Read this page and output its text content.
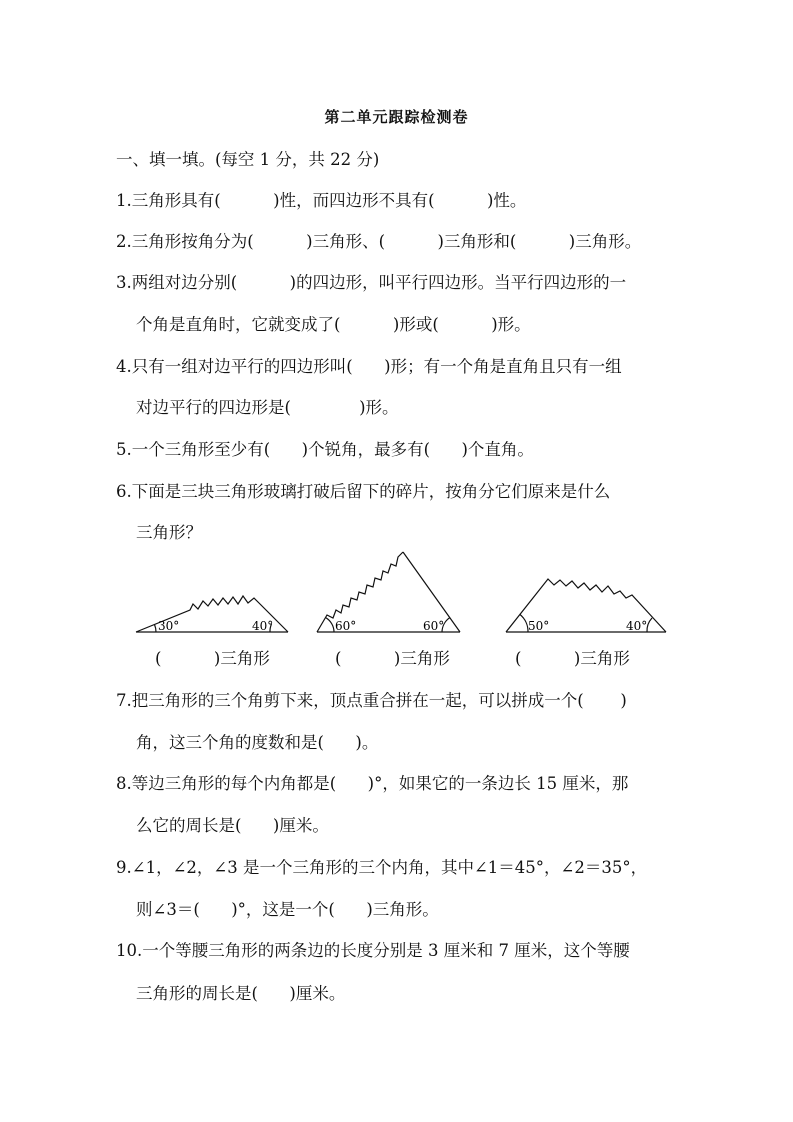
第二单元跟踪检测卷
一、填一填。(每空 1 分，共 22 分)
1.三角形具有(          )性，而四边形不具有(          )性。
2.三角形按角分为(          )三角形、(          )三角形和(          )三角形。
3.两组对边分别(          )的四边形，叫平行四边形。当平行四边形的一
个角是直角时，它就变成了(          )形或(          )形。
4.只有一组对边平行的四边形叫(      )形；有一个角是直角且只有一组
对边平行的四边形是(             )形。
5.一个三角形至少有(      )个锐角，最多有(      )个直角。
6.下面是三块三角形玻璃打破后留下的碎片，按角分它们原来是什么
三角形？
30°	40°	60°	60°	50°	40°
(          )三角形	(          )三角形	(          )三角形
7.把三角形的三个角剪下来，顶点重合拼在一起，可以拼成一个(       )
角，这三个角的度数和是(      )。
8.等边三角形的每个内角都是(      )°，如果它的一条边长 15 厘米，那
么它的周长是(      )厘米。
9.∠1，∠2，∠3 是一个三角形的三个内角，其中∠1＝45°，∠2＝35°，
则∠3＝(      )°，这是一个(      )三角形。
10.一个等腰三角形的两条边的长度分别是 3 厘米和 7 厘米，这个等腰
三角形的周长是(      )厘米。
